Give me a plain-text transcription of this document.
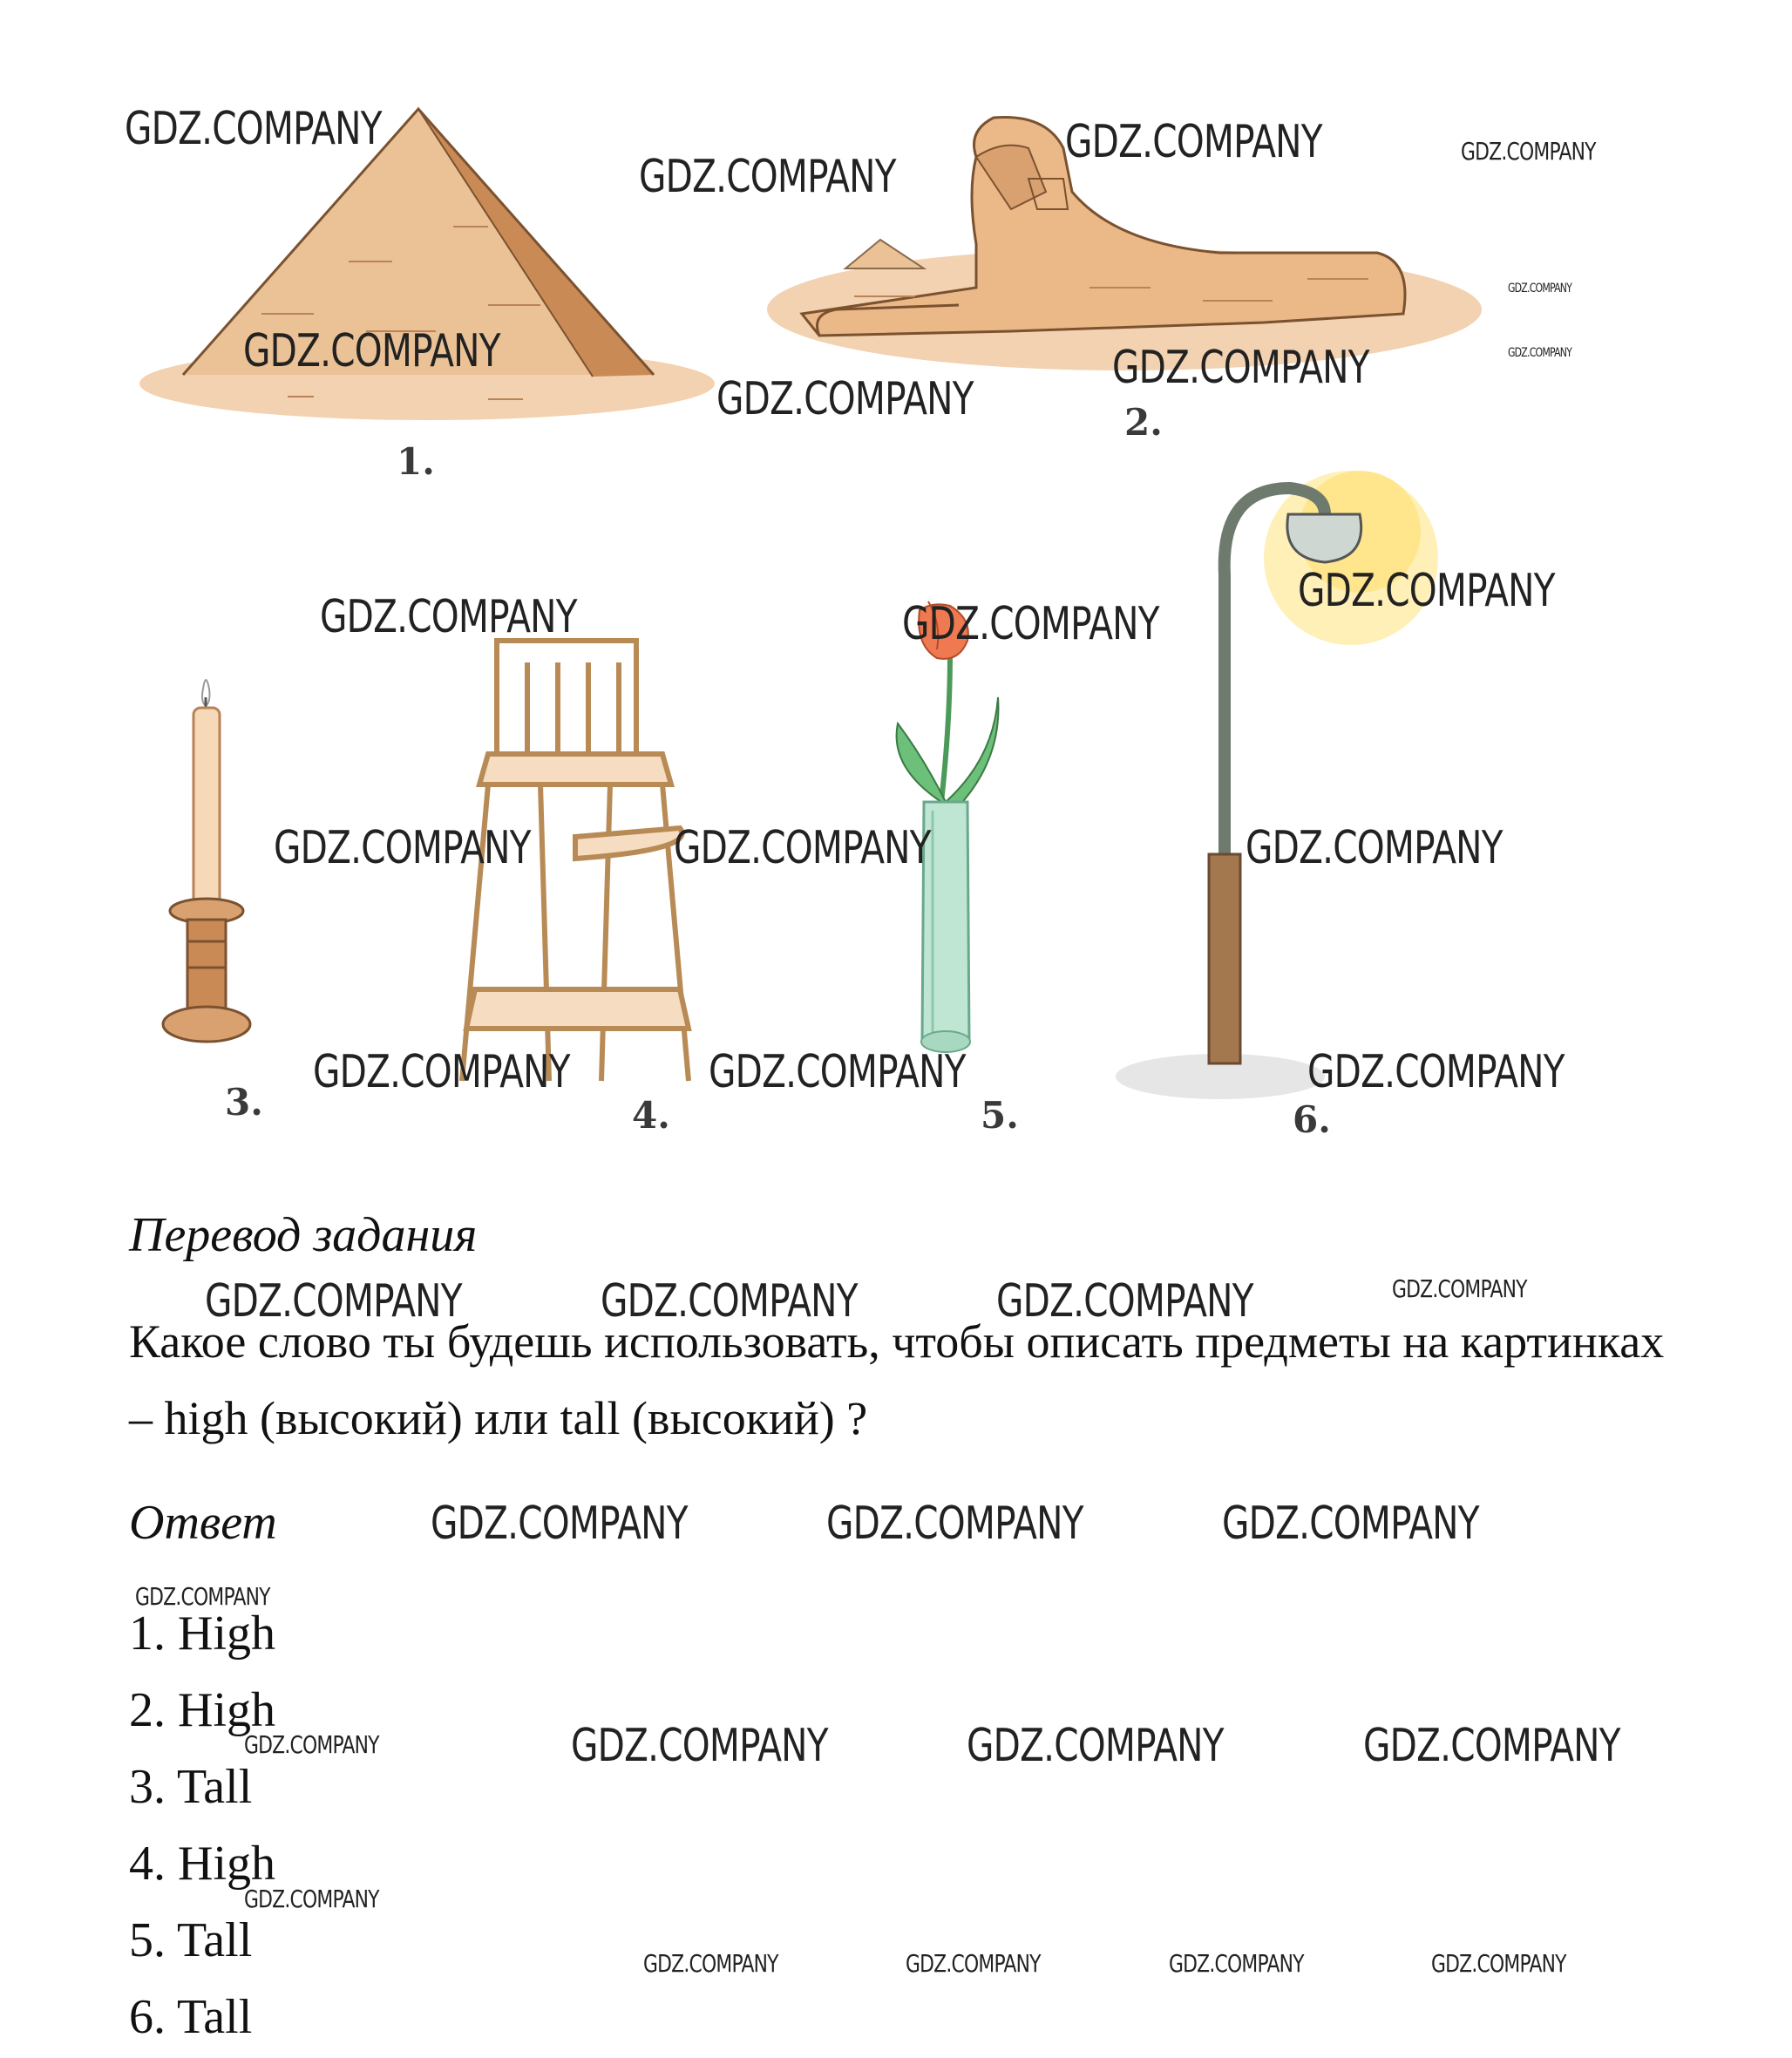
1.
2.
3.	4.	5.	6.
Перевод задания
Какое слово ты будешь использовать, чтобы описать предметы на картинках – high (высокий) или tall (высокий) ?
Ответ
1. High
2. High
3. Tall
4. High
5. Tall
6. Tall
GDZ.COMPANY
GDZ.COMPANY
GDZ.COMPANY	GDZ.COMPANY
GDZ.COMPANY
GDZ.COMPANY
GDZ.COMPANY
GDZ.COMPANY
GDZ.COMPANY
GDZ.COMPANY	GDZ.COMPANY
GDZ.COMPANY
GDZ.COMPANY	GDZ.COMPANY	GDZ.COMPANY
GDZ.COMPANY	GDZ.COMPANY	GDZ.COMPANY
GDZ.COMPANY	GDZ.COMPANY	GDZ.COMPANY	GDZ.COMPANY
GDZ.COMPANY	GDZ.COMPANY	GDZ.COMPANY
GDZ.COMPANY
GDZ.COMPANY	GDZ.COMPANY	GDZ.COMPANY	GDZ.COMPANY
GDZ.COMPANY
GDZ.COMPANY	GDZ.COMPANY	GDZ.COMPANY	GDZ.COMPANY
